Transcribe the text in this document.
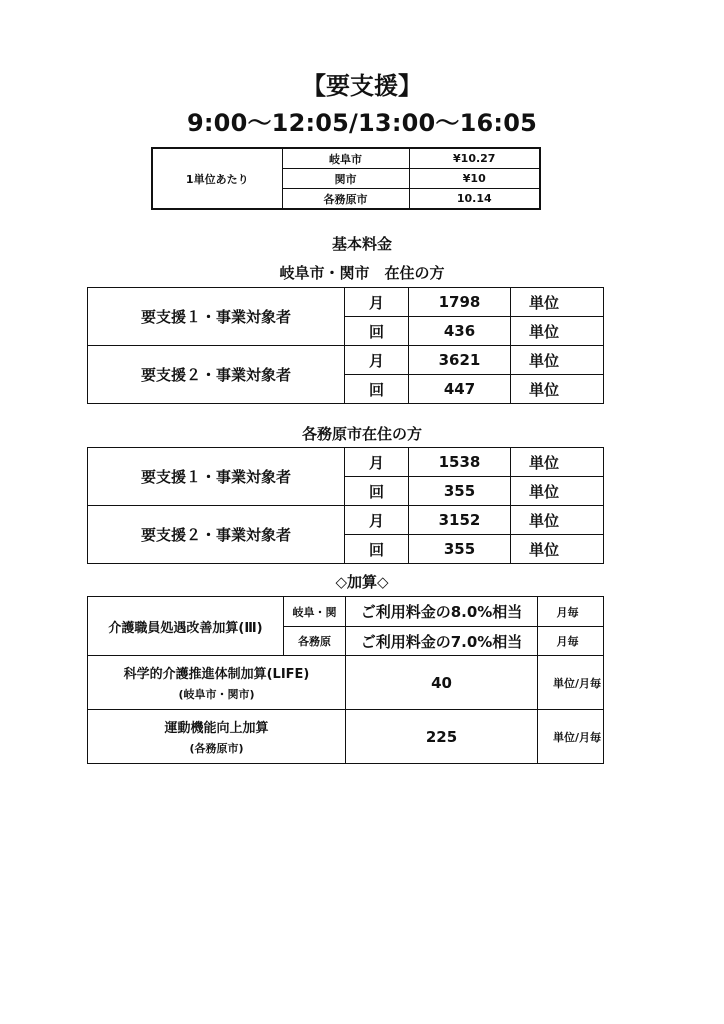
【要支援】
9:00～12:05/13:00～16:05
1単位あたり	岐阜市	¥10.27
	関市	¥10
	各務原市	10.14
基本料金
岐阜市・関市　在住の方
要支援１・事業対象者	月	1798	単位
	回	436	単位
要支援２・事業対象者	月	3621	単位
	回	447	単位
各務原市在住の方
要支援１・事業対象者	月	1538	単位
	回	355	単位
要支援２・事業対象者	月	3152	単位
	回	355	単位
◇加算◇
介護職員処遇改善加算(Ⅲ)	岐阜・関	ご利用料金の8.0%相当	月毎
	各務原	ご利用料金の7.0%相当	月毎
科学的介護推進体制加算(LIFE)
(岐阜市・関市)		40	単位/月毎
運動機能向上加算
(各務原市)		225	単位/月毎
